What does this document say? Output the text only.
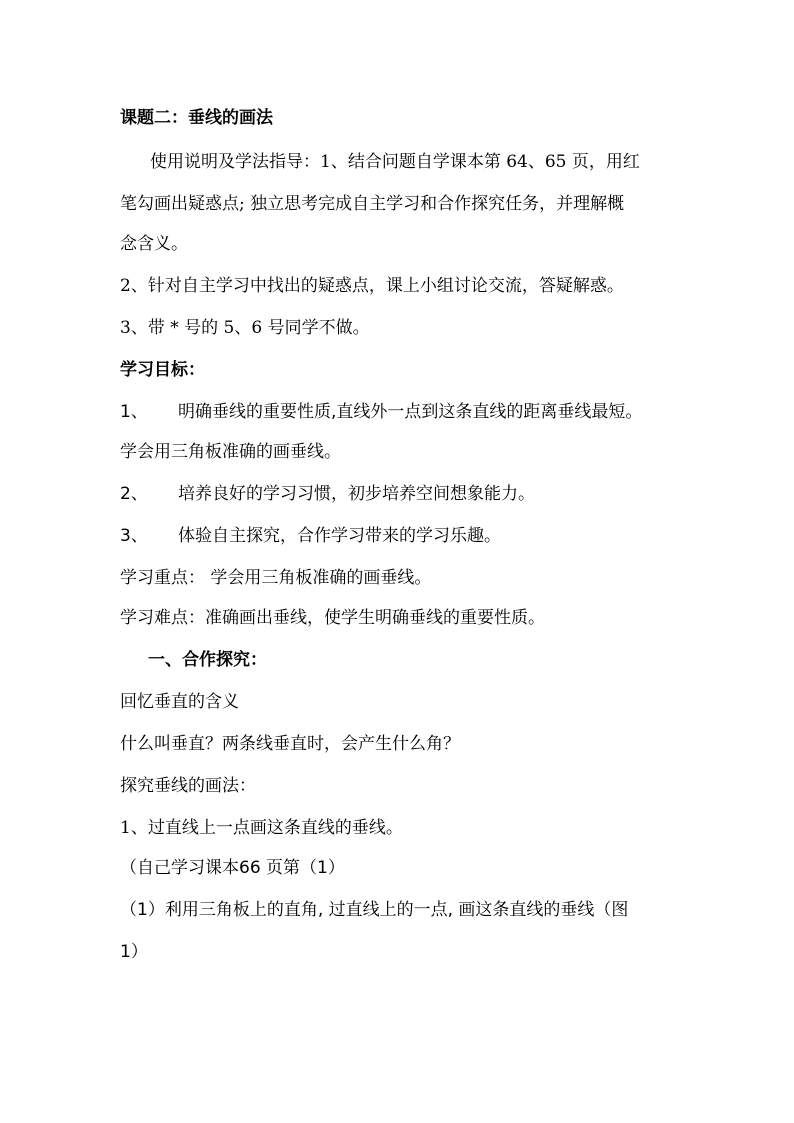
课题二：垂线的画法
使用说明及学法指导：1、结合问题自学课本第 64、65 页，用红
笔勾画出疑惑点; 独立思考完成自主学习和合作探究任务，并理解概
念含义。
2、针对自主学习中找出的疑惑点，课上小组讨论交流，答疑解惑。
3、带 * 号的 5、6 号同学不做。
学习目标：
1、 明确垂线的重要性质,直线外一点到这条直线的距离垂线最短。
学会用三角板准确的画垂线。
2、 培养良好的学习习惯，初步培养空间想象能力。
3、 体验自主探究，合作学习带来的学习乐趣。
学习重点： 学会用三角板准确的画垂线。
学习难点：准确画出垂线，使学生明确垂线的重要性质。
一、合作探究：
回忆垂直的含义
什么叫垂直？两条线垂直时，会产生什么角？
探究垂线的画法：
1、过直线上一点画这条直线的垂线。
（自己学习课本66 页第（1）
（1）利用三角板上的直角, 过直线上的一点, 画这条直线的垂线（图
1）
